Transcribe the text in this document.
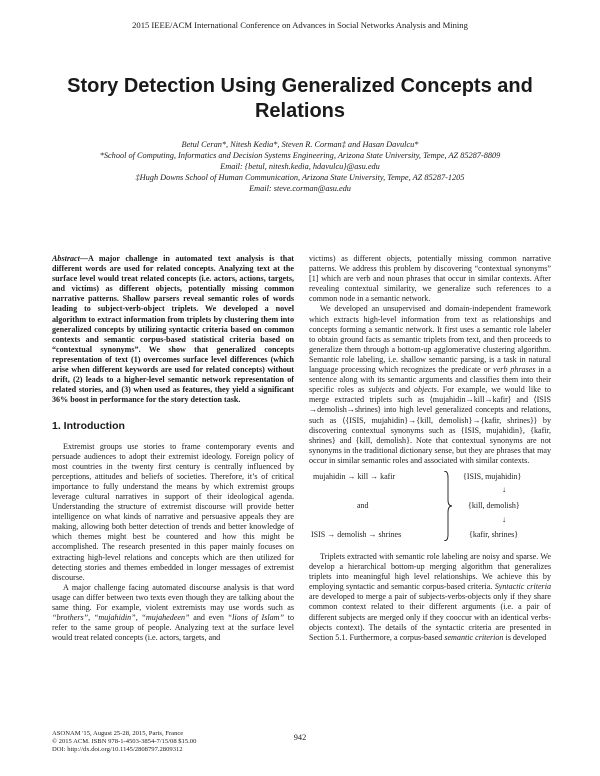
2015 IEEE/ACM International Conference on Advances in Social Networks Analysis and Mining
Story Detection Using Generalized Concepts and
Relations
Betul Ceran*, Nitesh Kedia*, Steven R. Corman‡ and Hasan Davulcu*
*School of Computing, Informatics and Decision Systems Engineering, Arizona State University, Tempe, AZ 85287-8809
Email: {betul, nitesh.kedia, hdavulcu}@asu.edu
‡Hugh Downs School of Human Communication, Arizona State University, Tempe, AZ 85287-1205
Email: steve.corman@asu.edu

Abstract—A major challenge in automated text analysis is that different words are used for related concepts. Analyzing text at the surface level would treat related concepts (i.e. actors, actions, targets, and victims) as different objects, potentially missing common narrative patterns. Shallow parsers reveal semantic roles of words leading to subject-verb-object triplets. We developed a novel algorithm to extract information from triplets by clustering them into generalized concepts by utilizing syntactic criteria based on common contexts and semantic corpus-based statistical criteria based on “contextual synonyms”. We show that generalized concepts representation of text (1) overcomes surface level differences (which arise when different keywords are used for related concepts) without drift, (2) leads to a higher-level semantic network representation of related stories, and (3) when used as features, they yield a significant 36% boost in performance for the story detection task.

1. Introduction

Extremist groups use stories to frame contemporary events and persuade audiences to adopt their extremist ideology. Foreign policy of most countries in the twenty first century is centrally influenced by perceptions, attitudes and beliefs of societies. Therefore, it’s of critical importance to fully understand the means by which extremist groups leverage cultural narratives in support of their ideological agenda. Understanding the structure of extremist discourse will provide better intelligence on what kinds of narrative and persuasive appeals they are making, allowing both better detection of trends and better knowledge of which themes might best be countered and how this might be accomplished. The research presented in this paper mainly focuses on extracting high-level relations and concepts which are then utilized for detecting stories and themes embedded in longer messages of extremist discourse.

A major challenge facing automated discourse analysis is that word usage can differ between two texts even though they are talking about the same thing. For example, violent extremists may use words such as “brothers”, “mujahidin”, “mujahedeen” and even “lions of Islam” to refer to the same group of people. Analyzing text at the surface level would treat related concepts (i.e. actors, targets, and

victims) as different objects, potentially missing common narrative patterns. We address this problem by discovering “contextual synonyms” [1] which are verb and noun phrases that occur in similar contexts. After revealing contextual similarity, we generalize such references to a common node in a semantic network.

We developed an unsupervised and domain-independent framework which extracts high-level information from text as relationships and concepts forming a semantic network. It first uses a semantic role labeler to obtain ground facts as semantic triplets from text, and then proceeds to generalize them through a bottom-up agglomerative clustering algorithm. Semantic role labeling, i.e. shallow semantic parsing, is a task in natural language processing which recognizes the predicate or verb phrases in a sentence along with its semantic arguments and classifies them into their specific roles as subjects and objects. For example, we would like to merge extracted triplets such as ⟨mujahidin→kill→kafir⟩ and ⟨ISIS →demolish→shrines⟩ into high level generalized concepts and relations, such as ⟨{ISIS, mujahidin}→{kill, demolish}→{kafir, shrines}⟩ by discovering contextual synonyms such as {ISIS, mujahidin}, {kafir, shrines} and {kill, demolish}. Note that contextual synonyms are not synonyms in the traditional dictionary sense, but they are phrases that may occur in similar semantic roles and associated with similar contexts.

mujahidin → kill → kafir
and
ISIS → demolish → shrines
{ISIS, mujahidin}
↓
{kill, demolish}
↓
{kafir, shrines}

Triplets extracted with semantic role labeling are noisy and sparse. We develop a hierarchical bottom-up merging algorithm that generalizes triplets into meaningful high level relationships. We achieve this by employing syntactic and semantic corpus-based criteria. Syntactic criteria are developed to merge a pair of subjects-verbs-objects only if they share common context related to their different arguments (i.e. a pair of different subjects are merged only if they cooccur with an identical verbs-objects context). The details of the syntactic criteria are presented in Section 5.1. Furthermore, a corpus-based semantic criterion is developed

ASONAM '15, August 25-28, 2015, Paris, France
© 2015 ACM. ISBN 978-1-4503-3854-7/15/08 $15.00
DOI: http://dx.doi.org/10.1145/2808797.2809312
942
